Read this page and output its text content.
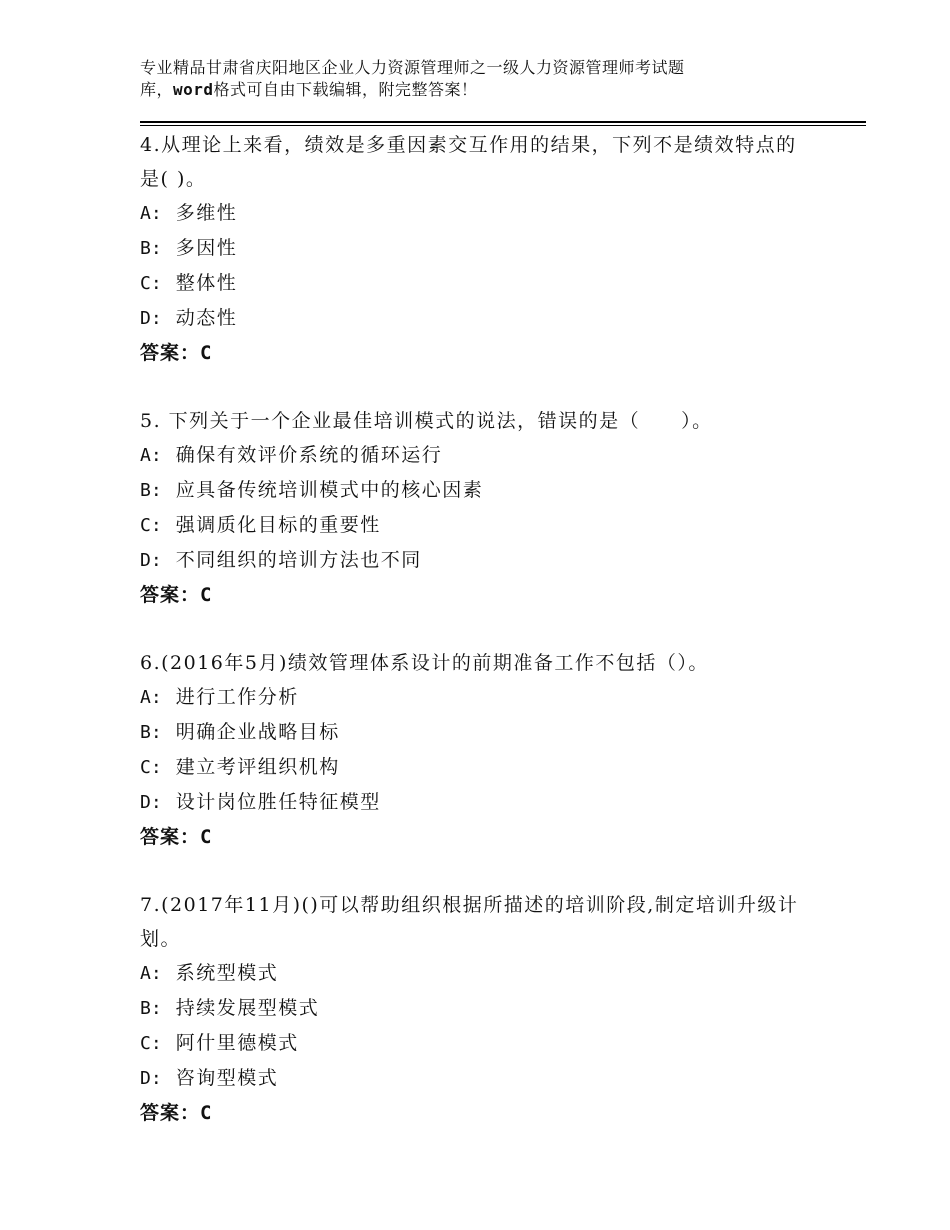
专业精品甘肃省庆阳地区企业人力资源管理师之一级人力资源管理师考试题
库，word格式可自由下载编辑，附完整答案！

4.从理论上来看，绩效是多重因素交互作用的结果，下列不是绩效特点的是( )。

A: 多维性

B: 多因性

C: 整体性

D: 动态性

答案：C

5. 下列关于一个企业最佳培训模式的说法，错误的是（　　）。

A: 确保有效评价系统的循环运行

B: 应具备传统培训模式中的核心因素

C: 强调质化目标的重要性

D: 不同组织的培训方法也不同

答案：C

6.(2016年5月)绩效管理体系设计的前期准备工作不包括（）。

A: 进行工作分析

B: 明确企业战略目标

C: 建立考评组织机构

D: 设计岗位胜任特征模型

答案：C

7.(2017年11月)()可以帮助组织根据所描述的培训阶段,制定培训升级计划。

A: 系统型模式

B: 持续发展型模式

C: 阿什里德模式

D: 咨询型模式

答案：C
